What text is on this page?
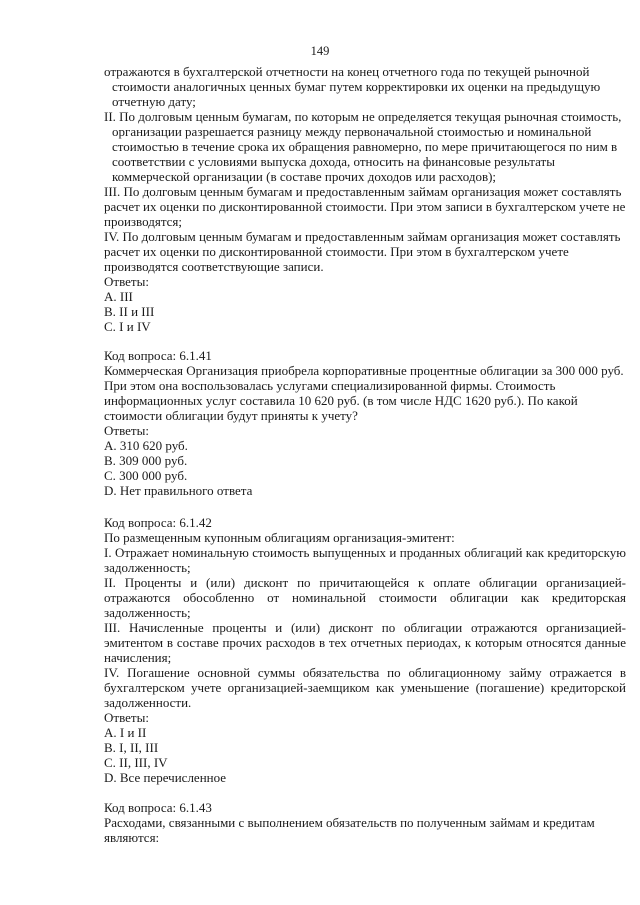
149
отражаются в бухгалтерской отчетности на конец отчетного года по текущей рыночной
стоимости аналогичных ценных бумаг путем корректировки их оценки на предыдущую
отчетную дату;
II. По долговым ценным бумагам, по которым не определяется текущая рыночная стоимость,
организации разрешается разницу между первоначальной стоимостью и номинальной
стоимостью в течение срока их обращения равномерно, по мере причитающегося по ним в
соответствии с условиями выпуска дохода, относить на финансовые результаты
коммерческой организации (в составе прочих доходов или расходов);
III. По долговым ценным бумагам и предоставленным займам организация может составлять
расчет их оценки по дисконтированной стоимости. При этом записи в бухгалтерском учете не
производятся;
IV. По долговым ценным бумагам и предоставленным займам организация может составлять
расчет их оценки по дисконтированной стоимости. При этом в бухгалтерском учете
производятся соответствующие записи.
Ответы:
A. III
B. II и III
C. I и IV
Код вопроса: 6.1.41
Коммерческая Организация приобрела корпоративные процентные облигации за 300 000 руб.
При этом она воспользовалась услугами специализированной фирмы. Стоимость
информационных услуг составила 10 620 руб. (в том числе НДС 1620 руб.). По какой
стоимости облигации будут приняты к учету?
Ответы:
A. 310 620 руб.
B. 309 000 руб.
C. 300 000 руб.
D. Нет правильного ответа
Код вопроса: 6.1.42
По размещенным купонным облигациям организация-эмитент:
I. Отражает номинальную стоимость выпущенных и проданных облигаций как кредиторскую
задолженность;
II. Проценты и (или) дисконт по причитающейся к оплате облигации организацией-
отражаются обособленно от номинальной стоимости облигации как кредиторская
задолженность;
III. Начисленные проценты и (или) дисконт по облигации отражаются организацией-
эмитентом в составе прочих расходов в тех отчетных периодах, к которым относятся данные
начисления;
IV. Погашение основной суммы обязательства по облигационному займу отражается в
бухгалтерском учете организацией-заемщиком как уменьшение (погашение) кредиторской
задолженности.
Ответы:
A. I и II
B. I, II, III
C. II, III, IV
D. Все перечисленное
Код вопроса: 6.1.43
Расходами, связанными с выполнением обязательств по полученным займам и кредитам
являются:
